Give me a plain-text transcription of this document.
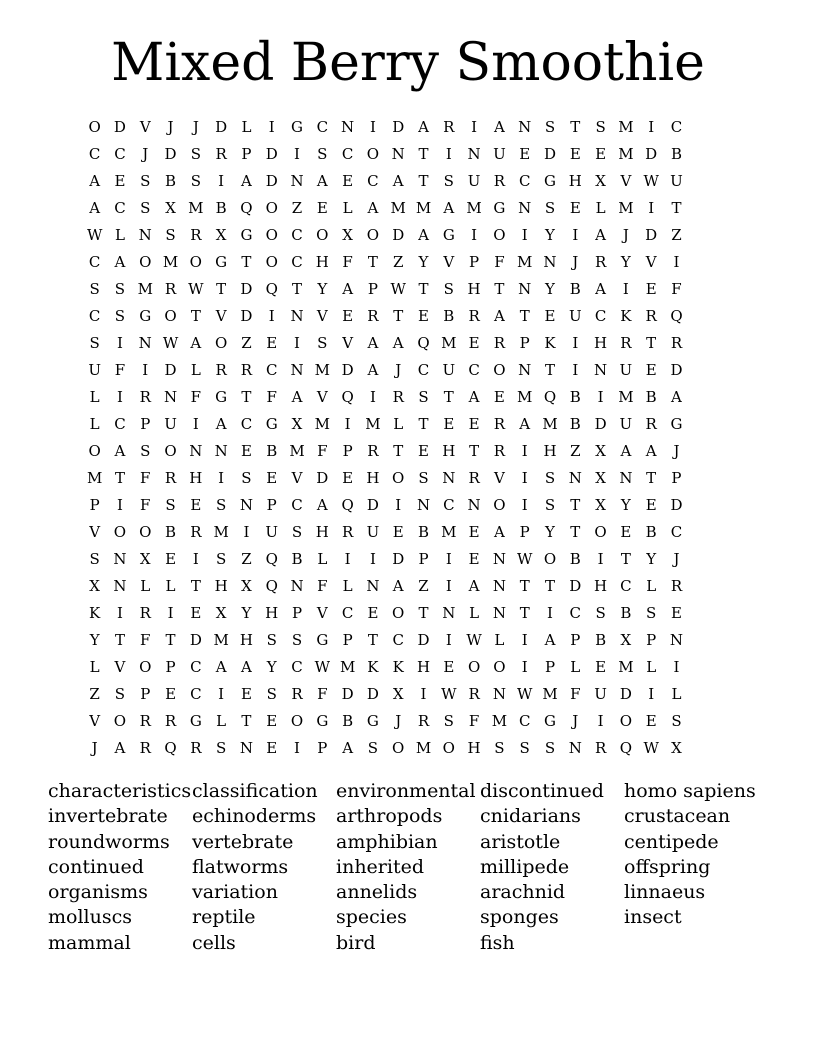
Mixed Berry Smoothie
O D V	J	J	D L	I	G C N	I	D A R	I	A N S	T	S M I	C
C C	J	D S R P D	I	S C O N T	I	N U E D E E M D B
A E S B S	I	A D N A E C A T	S U R C G H X V W U
A C S X M B Q O Z E L A M M A M G N S E L M I	T
W L N S R X G O C O X O D A G	I	O	I	Y	I	A	J	D Z
C A O M O G T O C H F	T	Z	Y V P	F M N	J	R Y V	I
S	S M R W T D Q T	Y A P W T	S H T N Y B A	I	E F
C S G O T V D	I	N V E R T E B R A T E U C K R Q
S	I	N W A O Z E	I	S V A A Q M E R P K	I	H R T R
U F	I	D L R R C N M D A	J	C U C O N T	I	N U E D
L	I	R N F G T	F A V Q	I	R S	T A E M Q B	I M B A
L C P U	I	A C G X M I M L	T E E R A M B D U R G
O A S O N N E B M F	P R T E H T R	I	H Z X A A	J
M T	F R H	I	S E V D E H O S N R V	I	S N X N T	P
P	I	F S E S N P C A Q D	I	N C N O	I	S	T X	Y E D
V O O B R M I	U S H R U E B M E A P	Y	T O E B C
S N X E	I	S Z Q B L	I	I	D P	I	E N W O B	I	T	Y	J
X N L	L	T H X Q N F	L N A Z	I	A N T	T D H C L R
K	I	R	I	E X	Y H P V C E O T N L N T	I	C S B S E
Y	T	F	T D M H S	S G P	T C D	I W L	I	A P B X P N
L V O P C A A Y C W M K K H E O O	I	P	L E M L	I
Z S	P E C	I	E S R F D D X	I W R N W M F U D	I	L
V O R R G L	T E O G B G	J	R S F M C G	J	I	O E S
J	A R Q R S N E	I	P A S O M O H S	S	S N R Q W X
characteristics
invertebrate
roundworms
continued
organisms
molluscs
mammal
classification
echinoderms
vertebrate
flatworms
variation
reptile
cells
environmental
arthropods
amphibian
inherited
annelids
species
bird
discontinued
cnidarians
aristotle
millipede
arachnid
sponges
fish
homo sapiens
crustacean
centipede
offspring
linnaeus
insect
